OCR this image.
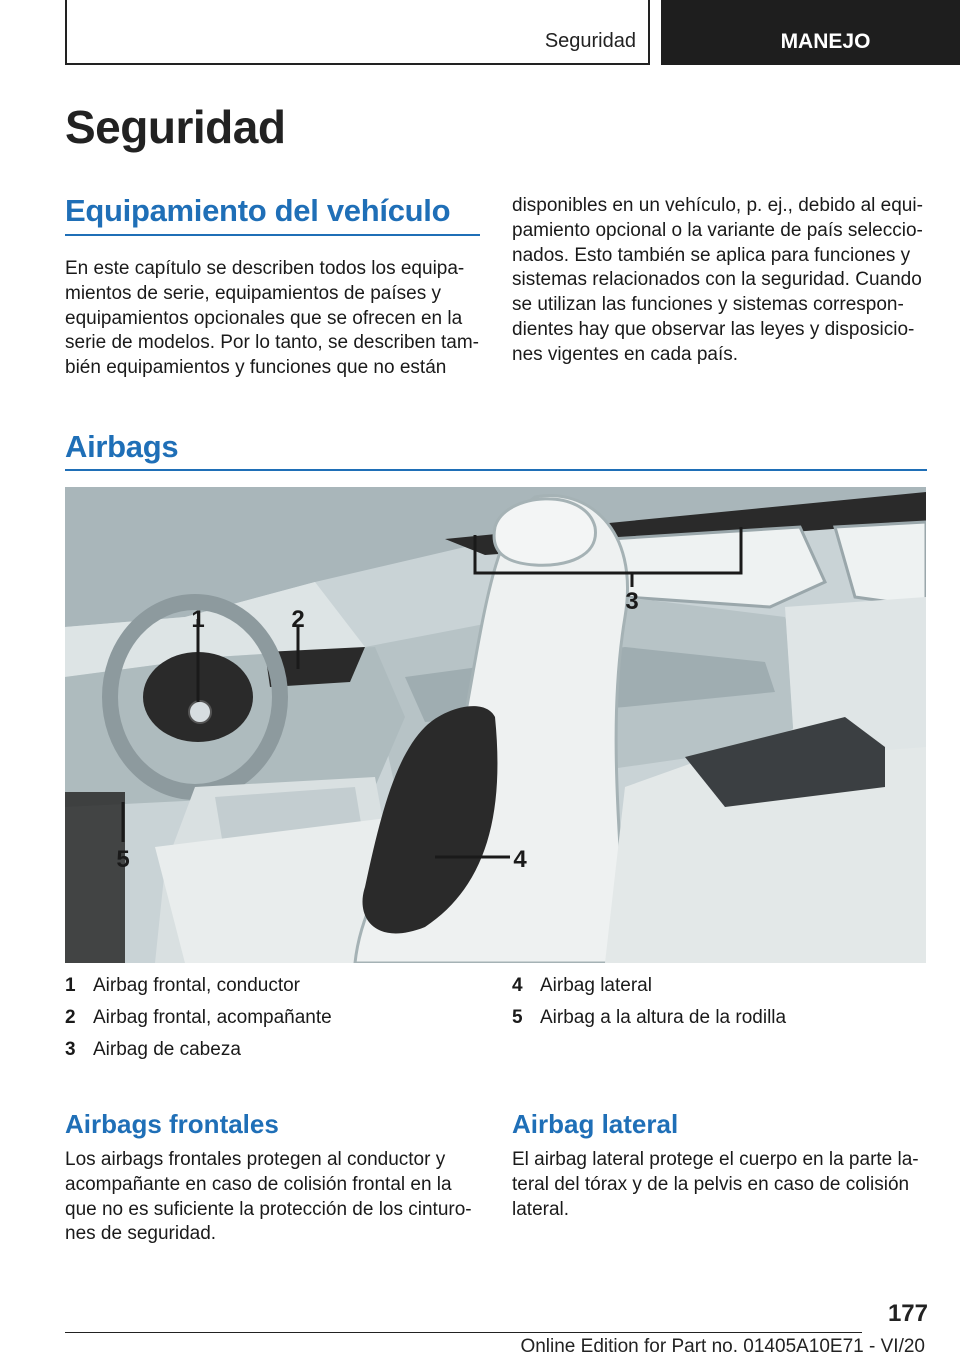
Seguridad	MANEJO
Seguridad
Equipamiento del vehículo
En este capítulo se describen todos los equipa‐
mientos de serie, equipamientos de países y
equipamientos opcionales que se ofrecen en la
serie de modelos. Por lo tanto, se describen tam‐
bién equipamientos y funciones que no están
disponibles en un vehículo, p. ej., debido al equi‐
pamiento opcional o la variante de país seleccio‐
nados. Esto también se aplica para funciones y
sistemas relacionados con la seguridad. Cuando
se utilizan las funciones y sistemas correspon‐
dientes hay que observar las leyes y disposicio‐
nes vigentes en cada país.
Airbags
1	2
3
4
5
1 Airbag frontal, conductor
2 Airbag frontal, acompañante
3 Airbag de cabeza
4 Airbag lateral
5 Airbag a la altura de la rodilla
Airbags frontales
Los airbags frontales protegen al conductor y
acompañante en caso de colisión frontal en la
que no es suficiente la protección de los cinturo‐
nes de seguridad.
Airbag lateral
El airbag lateral protege el cuerpo en la parte la‐
teral del tórax y de la pelvis en caso de colisión
lateral.
177
Online Edition for Part no. 01405A10E71 - VI/20
